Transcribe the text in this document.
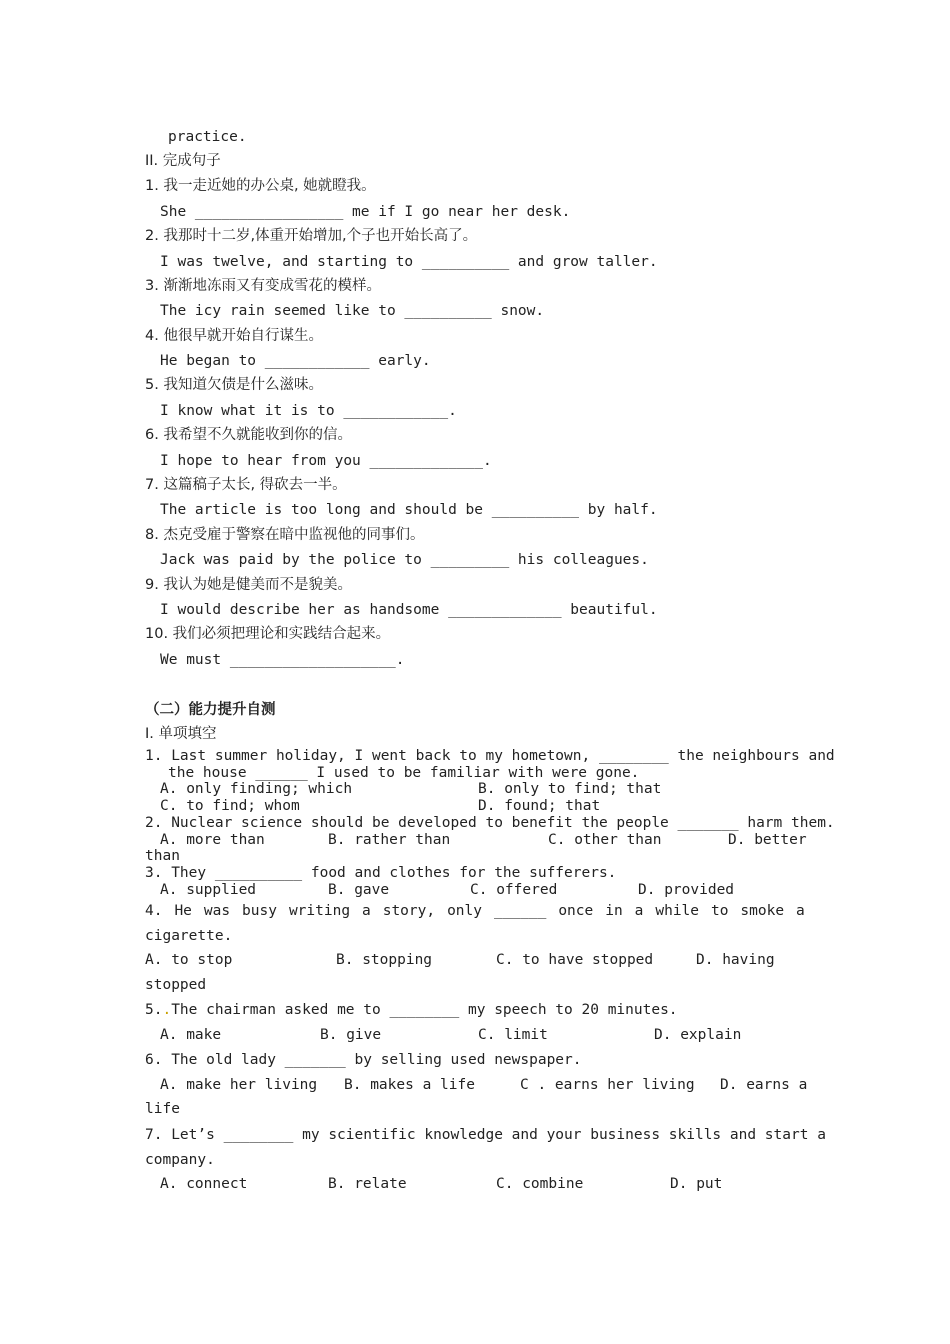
practice.
II. 完成句子
1. 我一走近她的办公桌, 她就瞪我。
She _________________ me if I go near her desk.
2. 我那时十二岁,体重开始增加,个子也开始长高了。
I was twelve, and starting to __________ and grow taller.
3. 渐渐地冻雨又有变成雪花的模样。
The icy rain seemed like to __________ snow.
4. 他很早就开始自行谋生。
He began to ____________ early.
5. 我知道欠债是什么滋味。
I know what it is to ____________.
6. 我希望不久就能收到你的信。
I hope to hear from you _____________.
7. 这篇稿子太长, 得砍去一半。
The article is too long and should be __________ by half.
8. 杰克受雇于警察在暗中监视他的同事们。
Jack was paid by the police to _________ his colleagues.
9. 我认为她是健美而不是貌美。
I would describe her as handsome _____________ beautiful.
10. 我们必须把理论和实践结合起来。
We must ___________________.
（二）能力提升自测
I. 单项填空
1. Last summer holiday, I went back to my hometown, ________ the neighbours and
the house ______ I used to be familiar with were gone.
A. only finding; which	B. only to find; that
C. to find; whom	D. found; that
2. Nuclear science should be developed to benefit the people _______ harm them.
A. more than	B. rather than	C. other than	D. better
than
3. They __________ food and clothes for the sufferers.
A. supplied	B. gave	C. offered	D. provided
4. He was busy writing a story, only ______ once in a while to smoke a
cigarette.
A. to stop	B. stopping	C. to have stopped	D. having
stopped
5..The chairman asked me to ________ my speech to 20 minutes.
A. make	B. give	C. limit	D. explain
6. The old lady _______ by selling used newspaper.
A. make her living B. makes a life	C . earns her living D. earns a
life
7. Let’s ________ my scientific knowledge and your business skills and start a
company.
A. connect	B. relate	C. combine	D. put
